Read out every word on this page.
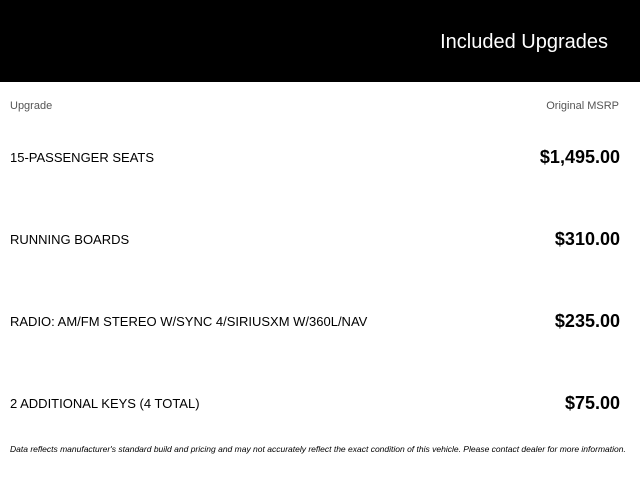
Included Upgrades
Upgrade	Original MSRP
15-PASSENGER SEATS	$1,495.00
RUNNING BOARDS	$310.00
RADIO: AM/FM STEREO W/SYNC 4/SIRIUSXM W/360L/NAV	$235.00
2 ADDITIONAL KEYS (4 TOTAL)	$75.00
Data reflects manufacturer's standard build and pricing and may not accurately reflect the exact condition of this vehicle. Please contact dealer for more information.
